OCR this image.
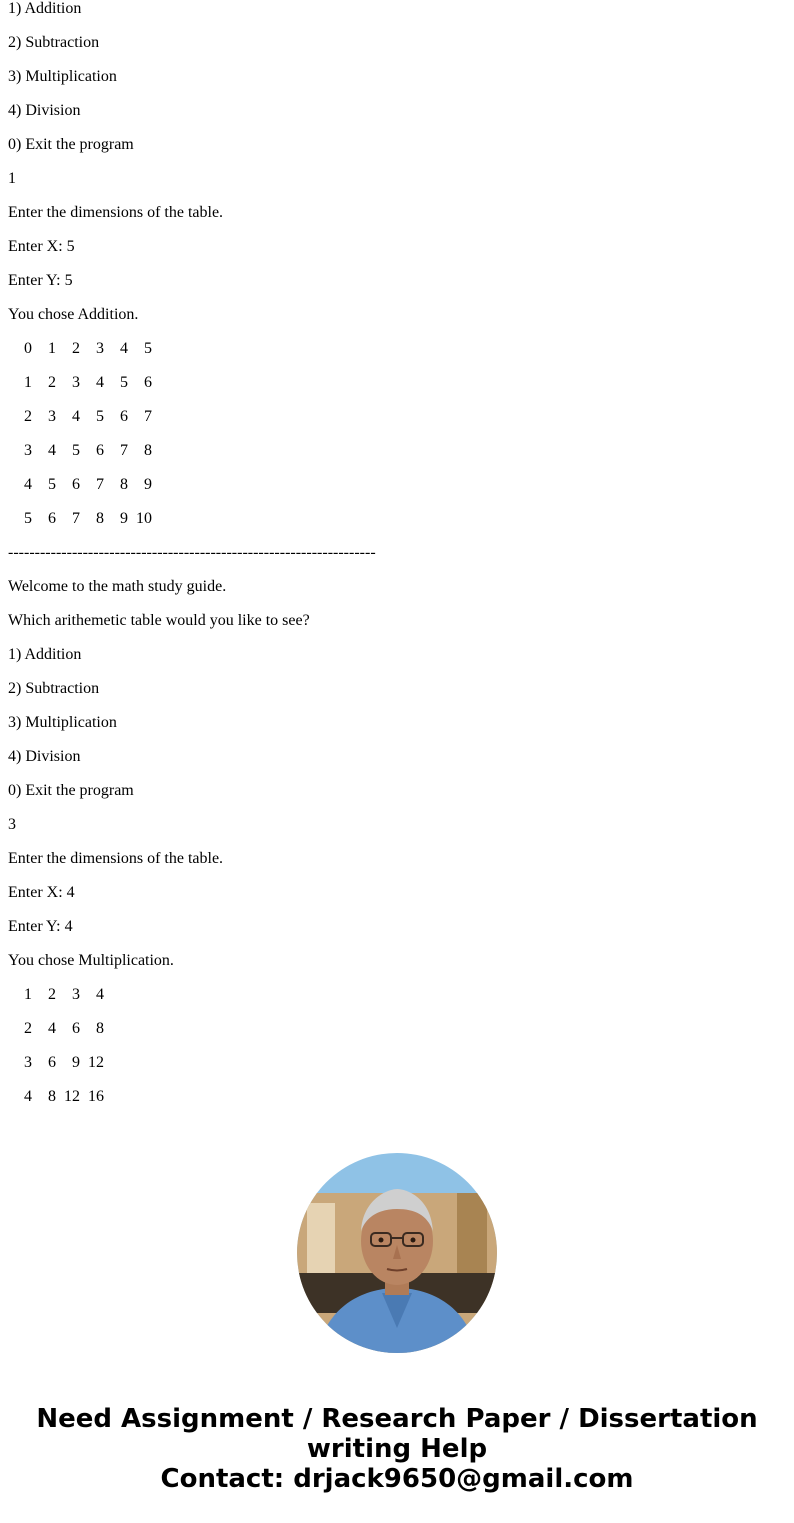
1) Addition
2) Subtraction
3) Multiplication
4) Division
0) Exit the program
1
Enter the dimensions of the table.
Enter X: 5
Enter Y: 5
You chose Addition.
0 1 2 3 4 5
1 2 3 4 5 6
2 3 4 5 6 7
3 4 5 6 7 8
4 5 6 7 8 9
5 6 7 8 9 10
---------------------------------------------------------------------
Welcome to the math study guide.
Which arithemetic table would you like to see?
1) Addition
2) Subtraction
3) Multiplication
4) Division
0) Exit the program
3
Enter the dimensions of the table.
Enter X: 4
Enter Y: 4
You chose Multiplication.
1 2 3 4
2 4 6 8
3 6 9 12
4 8 12 16
Need Assignment / Research Paper / Dissertation
writing Help
Contact: drjack9650@gmail.com
